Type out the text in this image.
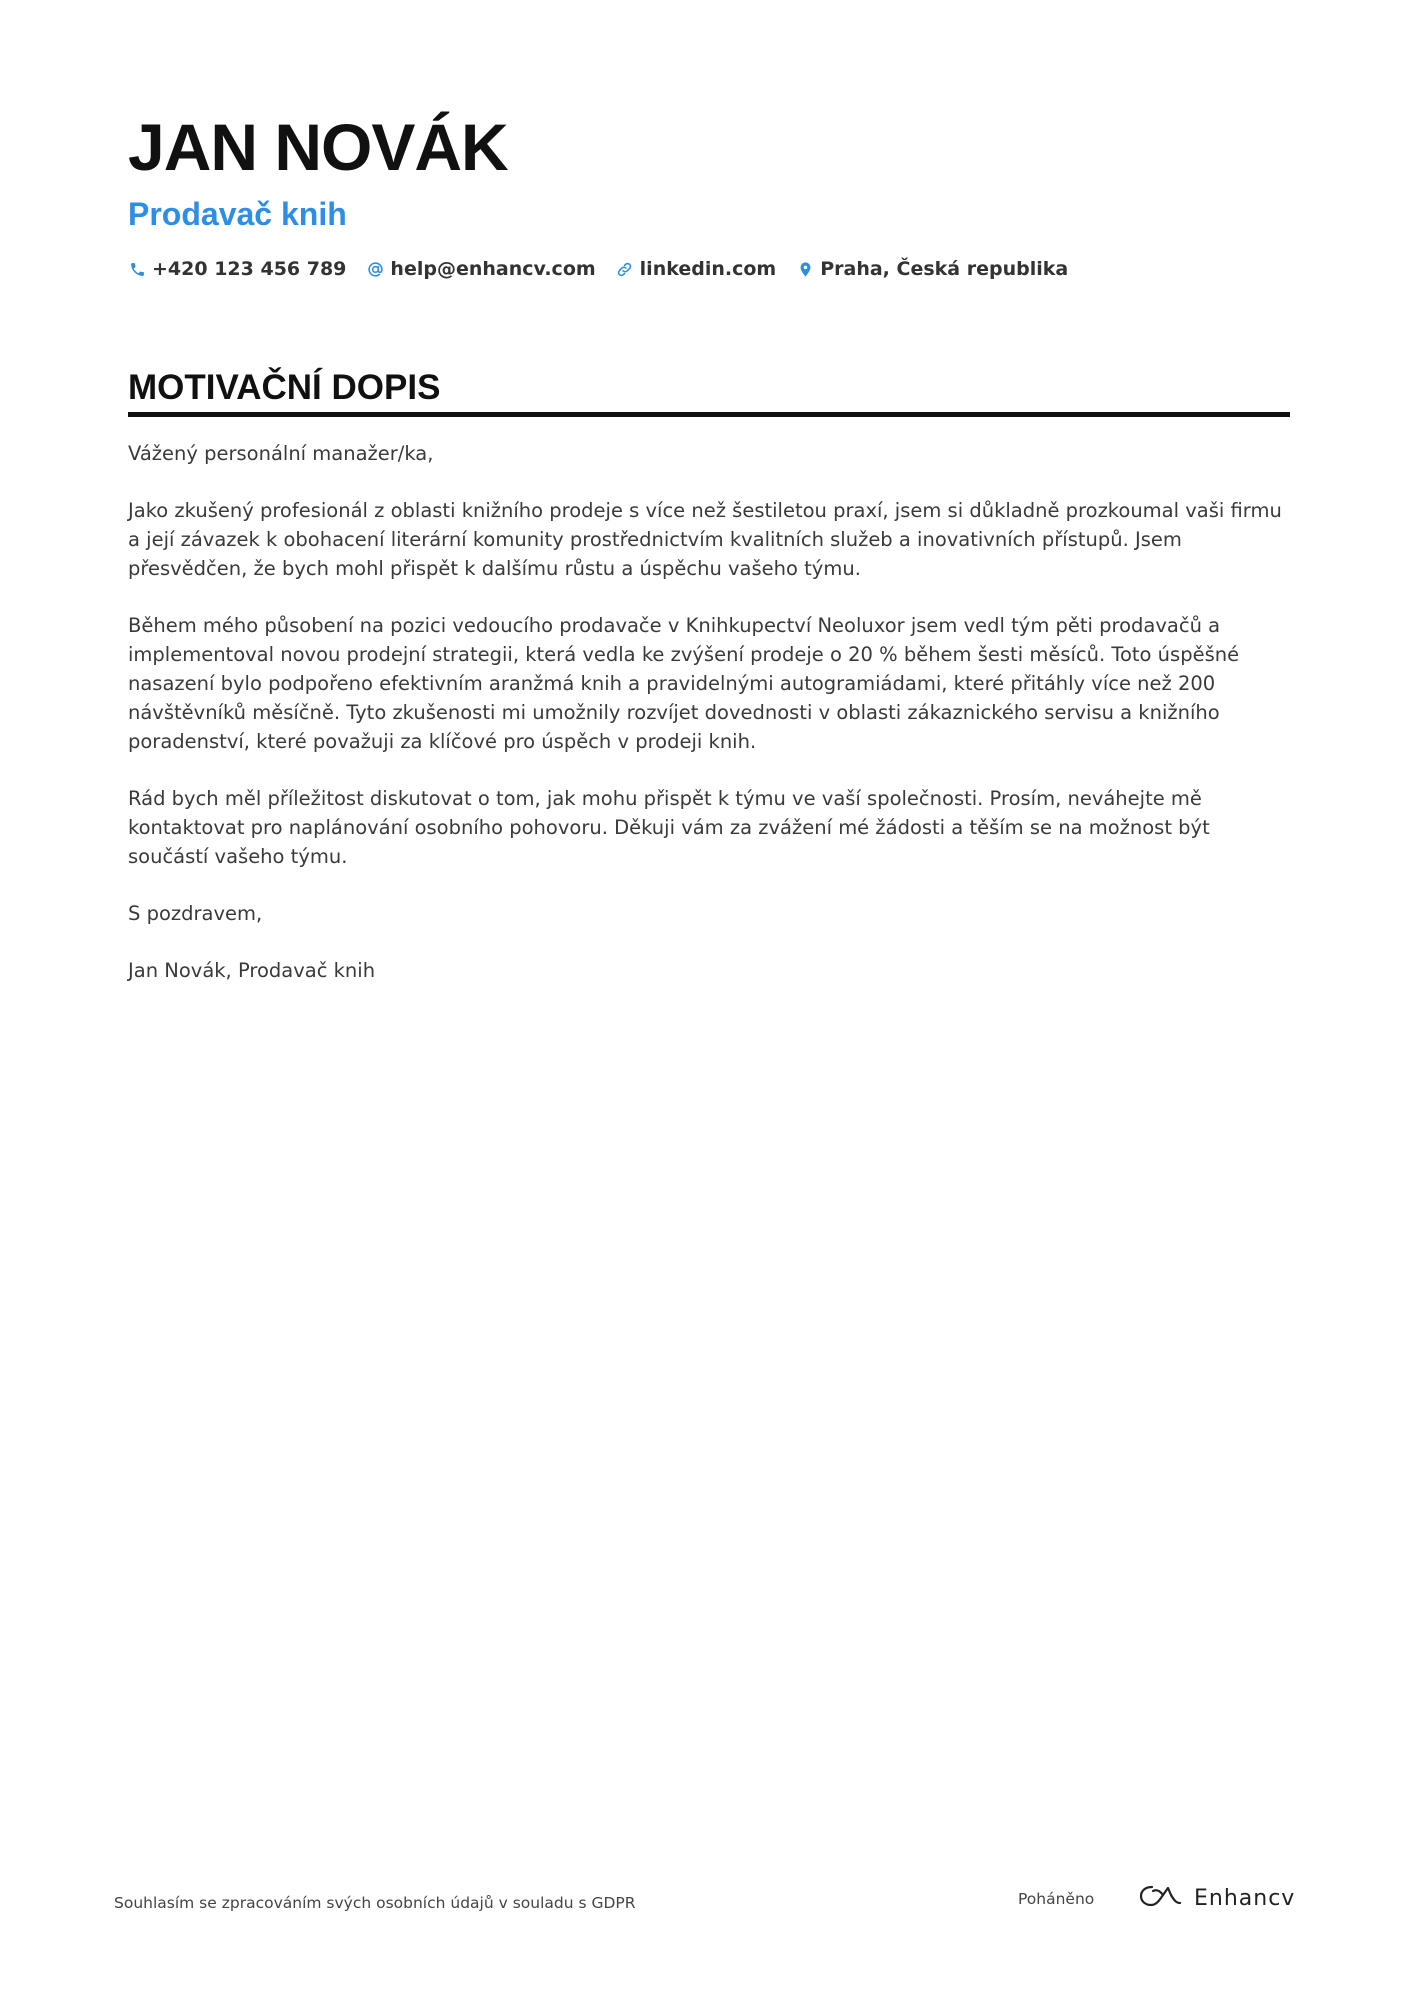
JAN NOVÁK
Prodavač knih
+420 123 456 789 help@enhancv.com linkedin.com Praha, Česká republika
MOTIVAČNÍ DOPIS

Vážený personální manažer/ka,

Jako zkušený profesionál z oblasti knižního prodeje s více než šestiletou praxí, jsem si důkladně prozkoumal vaši firmu a její závazek k obohacení literární komunity prostřednictvím kvalitních služeb a inovativních přístupů. Jsem přesvědčen, že bych mohl přispět k dalšímu růstu a úspěchu vašeho týmu.

Během mého působení na pozici vedoucího prodavače v Knihkupectví Neoluxor jsem vedl tým pěti prodavačů a implementoval novou prodejní strategii, která vedla ke zvýšení prodeje o 20 % během šesti měsíců. Toto úspěšné nasazení bylo podpořeno efektivním aranžmá knih a pravidelnými autogramiádami, které přitáhly více než 200 návštěvníků měsíčně. Tyto zkušenosti mi umožnily rozvíjet dovednosti v oblasti zákaznického servisu a knižního poradenství, které považuji za klíčové pro úspěch v prodeji knih.

Rád bych měl příležitost diskutovat o tom, jak mohu přispět k týmu ve vaší společnosti. Prosím, neváhejte mě kontaktovat pro naplánování osobního pohovoru. Děkuji vám za zvážení mé žádosti a těším se na možnost být součástí vašeho týmu.

S pozdravem,

Jan Novák, Prodavač knih

Souhlasím se zpracováním svých osobních údajů v souladu s GDPR	Poháněno	Enhancv
